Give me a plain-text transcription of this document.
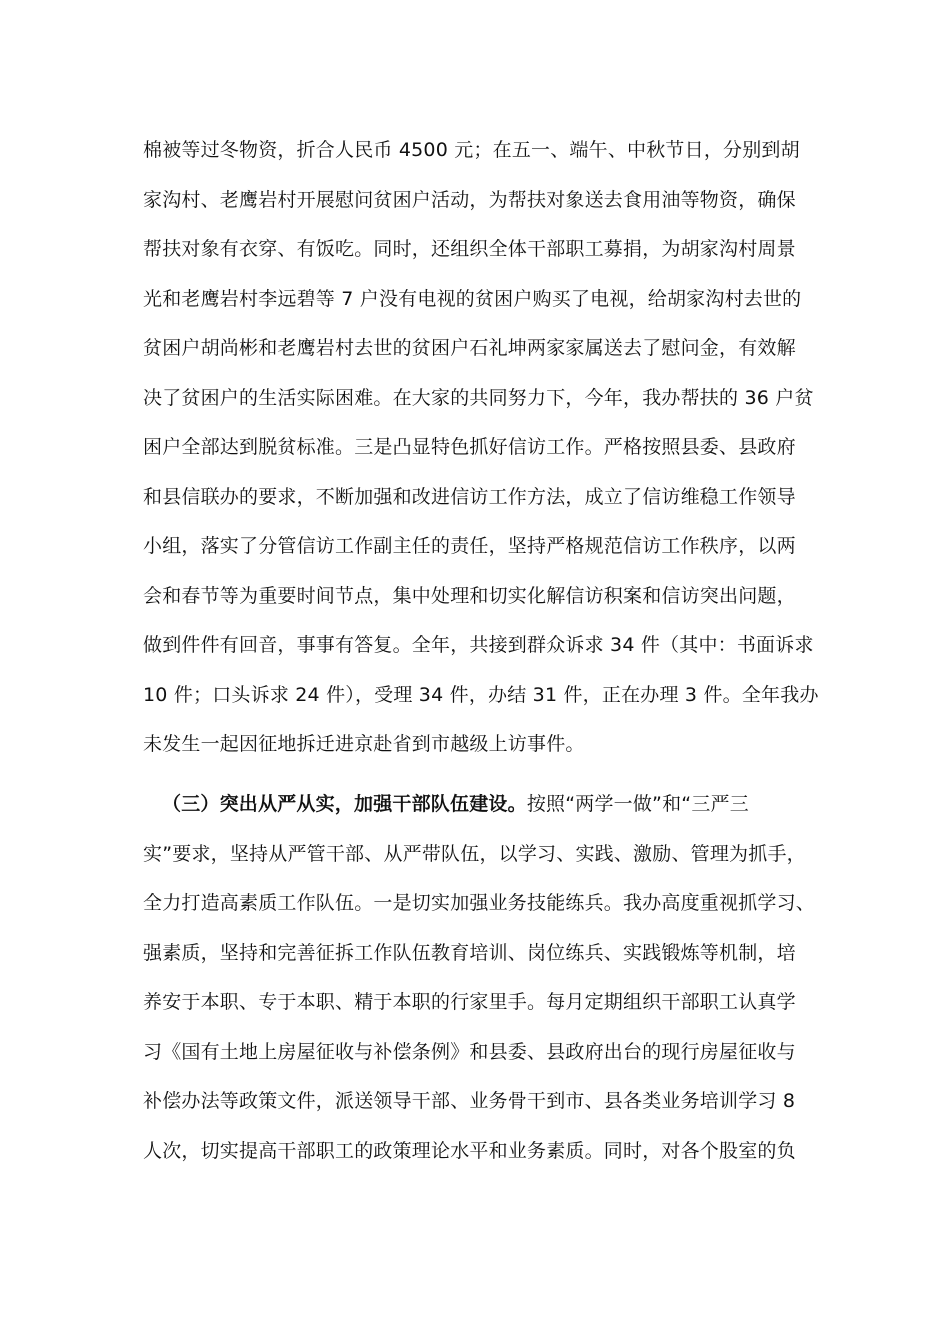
棉被等过冬物资，折合人民币 4500 元；在五一、端午、中秋节日，分别到胡
家沟村、老鹰岩村开展慰问贫困户活动，为帮扶对象送去食用油等物资，确保
帮扶对象有衣穿、有饭吃。同时，还组织全体干部职工募捐，为胡家沟村周景
光和老鹰岩村李远碧等 7 户没有电视的贫困户购买了电视，给胡家沟村去世的
贫困户胡尚彬和老鹰岩村去世的贫困户石礼坤两家家属送去了慰问金，有效解
决了贫困户的生活实际困难。在大家的共同努力下，今年，我办帮扶的 36 户贫
困户全部达到脱贫标准。三是凸显特色抓好信访工作。严格按照县委、县政府
和县信联办的要求，不断加强和改进信访工作方法，成立了信访维稳工作领导
小组，落实了分管信访工作副主任的责任，坚持严格规范信访工作秩序，以两
会和春节等为重要时间节点，集中处理和切实化解信访积案和信访突出问题，
做到件件有回音，事事有答复。全年，共接到群众诉求 34 件（其中：书面诉求
10 件；口头诉求 24 件），受理 34 件，办结 31 件，正在办理 3 件。全年我办
未发生一起因征地拆迁进京赴省到市越级上访事件。
（三）突出从严从实，加强干部队伍建设。按照“两学一做”和“三严三
实”要求，坚持从严管干部、从严带队伍，以学习、实践、激励、管理为抓手，
全力打造高素质工作队伍。一是切实加强业务技能练兵。我办高度重视抓学习、
强素质，坚持和完善征拆工作队伍教育培训、岗位练兵、实践锻炼等机制，培
养安于本职、专于本职、精于本职的行家里手。每月定期组织干部职工认真学
习《国有土地上房屋征收与补偿条例》和县委、县政府出台的现行房屋征收与
补偿办法等政策文件，派送领导干部、业务骨干到市、县各类业务培训学习 8
人次，切实提高干部职工的政策理论水平和业务素质。同时，对各个股室的负
